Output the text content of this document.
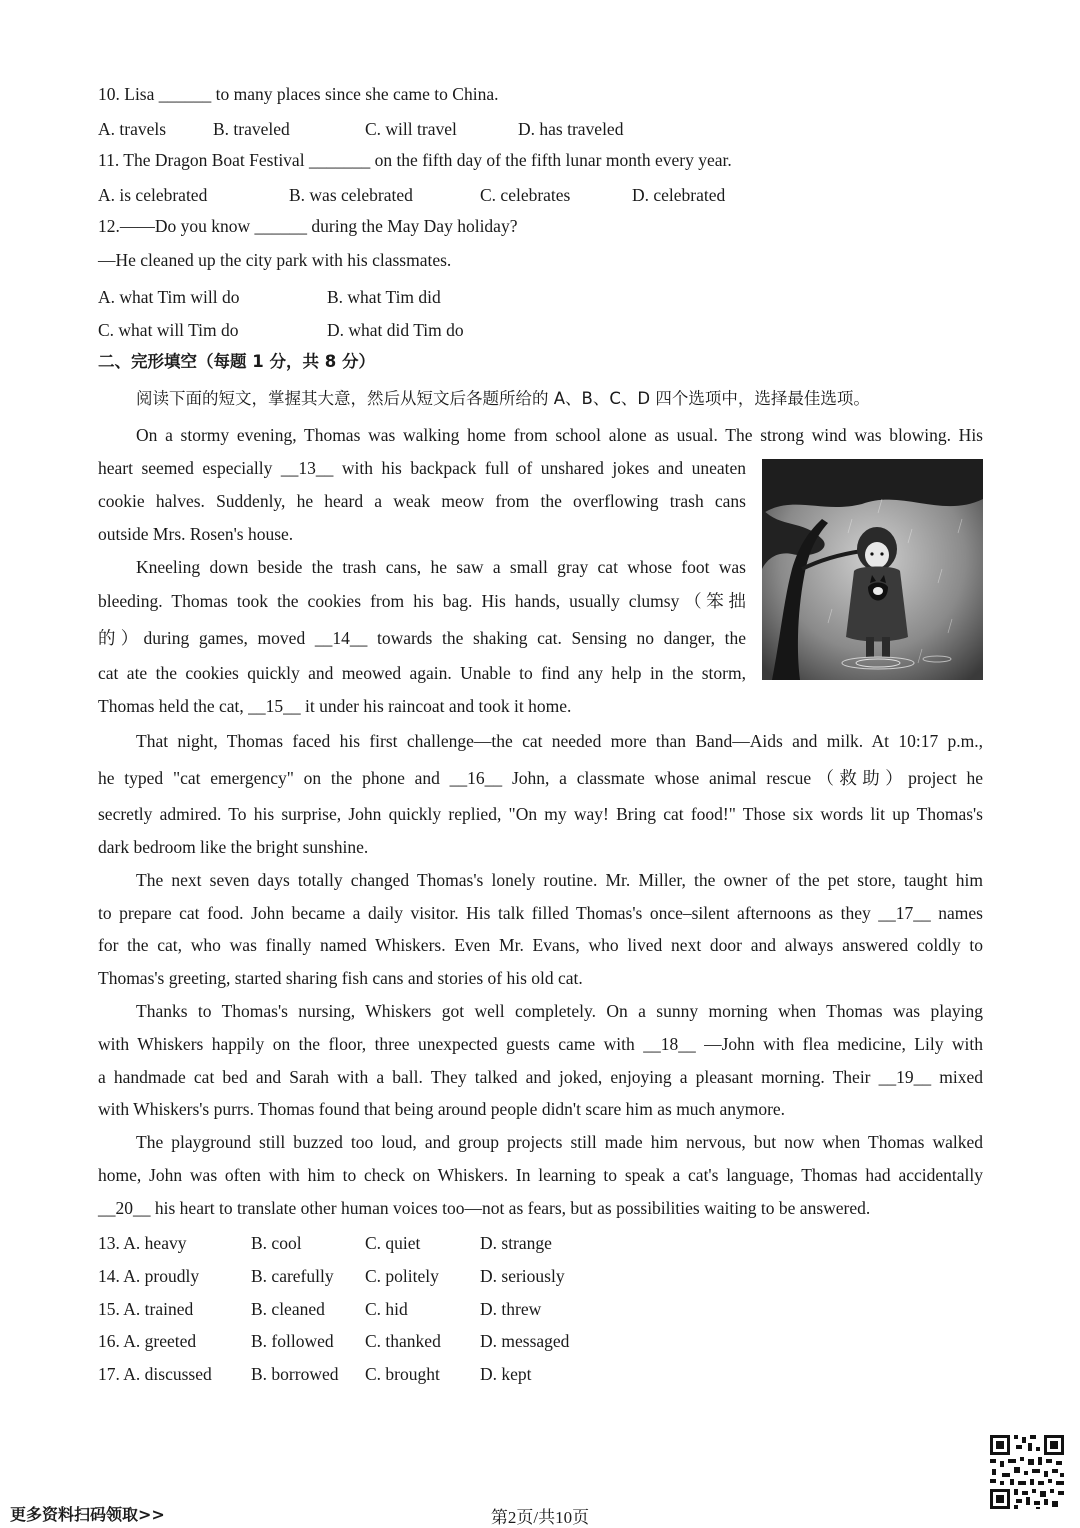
10. Lisa ______ to many places since she came to China.
A. travels	B. traveled	C. will travel	D. has traveled
11. The Dragon Boat Festival _______ on the fifth day of the fifth lunar month every year.
A. is celebrated	B. was celebrated	C. celebrates	D. celebrated
12.——Do you know ______ during the May Day holiday?
—He cleaned up the city park with his classmates.
A. what Tim will do	B. what Tim did
C. what will Tim do	D. what did Tim do
二、完形填空（每题 1 分，共 8 分）
阅读下面的短文，掌握其大意，然后从短文后各题所给的 A、B、C、D 四个选项中，选择最佳选项。
On a stormy evening, Thomas was walking home from school alone as usual. The strong wind was blowing. His
heart seemed especially __13__ with his backpack full of unshared jokes and uneaten
cookie halves. Suddenly, he heard a weak meow from the overflowing trash cans
outside Mrs. Rosen's house.
Kneeling down beside the trash cans, he saw a small gray cat whose foot was
bleeding. Thomas took the cookies from his bag. His hands, usually clumsy（笨拙
的）during games, moved __14__ towards the shaking cat. Sensing no danger, the
cat ate the cookies quickly and meowed again. Unable to find any help in the storm,
Thomas held the cat, __15__ it under his raincoat and took it home.
That night, Thomas faced his first challenge—the cat needed more than Band—Aids and milk. At 10:17 p.m.,
he typed "cat emergency" on the phone and __16__ John, a classmate whose animal rescue（救助）project he
secretly admired. To his surprise, John quickly replied, "On my way! Bring cat food!" Those six words lit up Thomas's
dark bedroom like the bright sunshine.
The next seven days totally changed Thomas's lonely routine. Mr. Miller, the owner of the pet store, taught him
to prepare cat food. John became a daily visitor. His talk filled Thomas's once–silent afternoons as they __17__ names
for the cat, who was finally named Whiskers. Even Mr. Evans, who lived next door and always answered coldly to
Thomas's greeting, started sharing fish cans and stories of his old cat.
Thanks to Thomas's nursing, Whiskers got well completely. On a sunny morning when Thomas was playing
with Whiskers happily on the floor, three unexpected guests came with __18__ —John with flea medicine, Lily with
a handmade cat bed and Sarah with a ball. They talked and joked, enjoying a pleasant morning. Their __19__ mixed
with Whiskers's purrs. Thomas found that being around people didn't scare him as much anymore.
The playground still buzzed too loud, and group projects still made him nervous, but now when Thomas walked
home, John was often with him to check on Whiskers. In learning to speak a cat's language, Thomas had accidentally
__20__ his heart to translate other human voices too—not as fears, but as possibilities waiting to be answered.
13. A. heavy	B. cool	C. quiet	D. strange
14. A. proudly	B. carefully C. politely D. seriously
15. A. trained	B. cleaned C. hid	D. threw
16. A. greeted	B. followed C. thanked D. messaged
17. A. discussed B. borrowed C. brought D. kept
更多资料扫码领取>>	第2页/共10页
